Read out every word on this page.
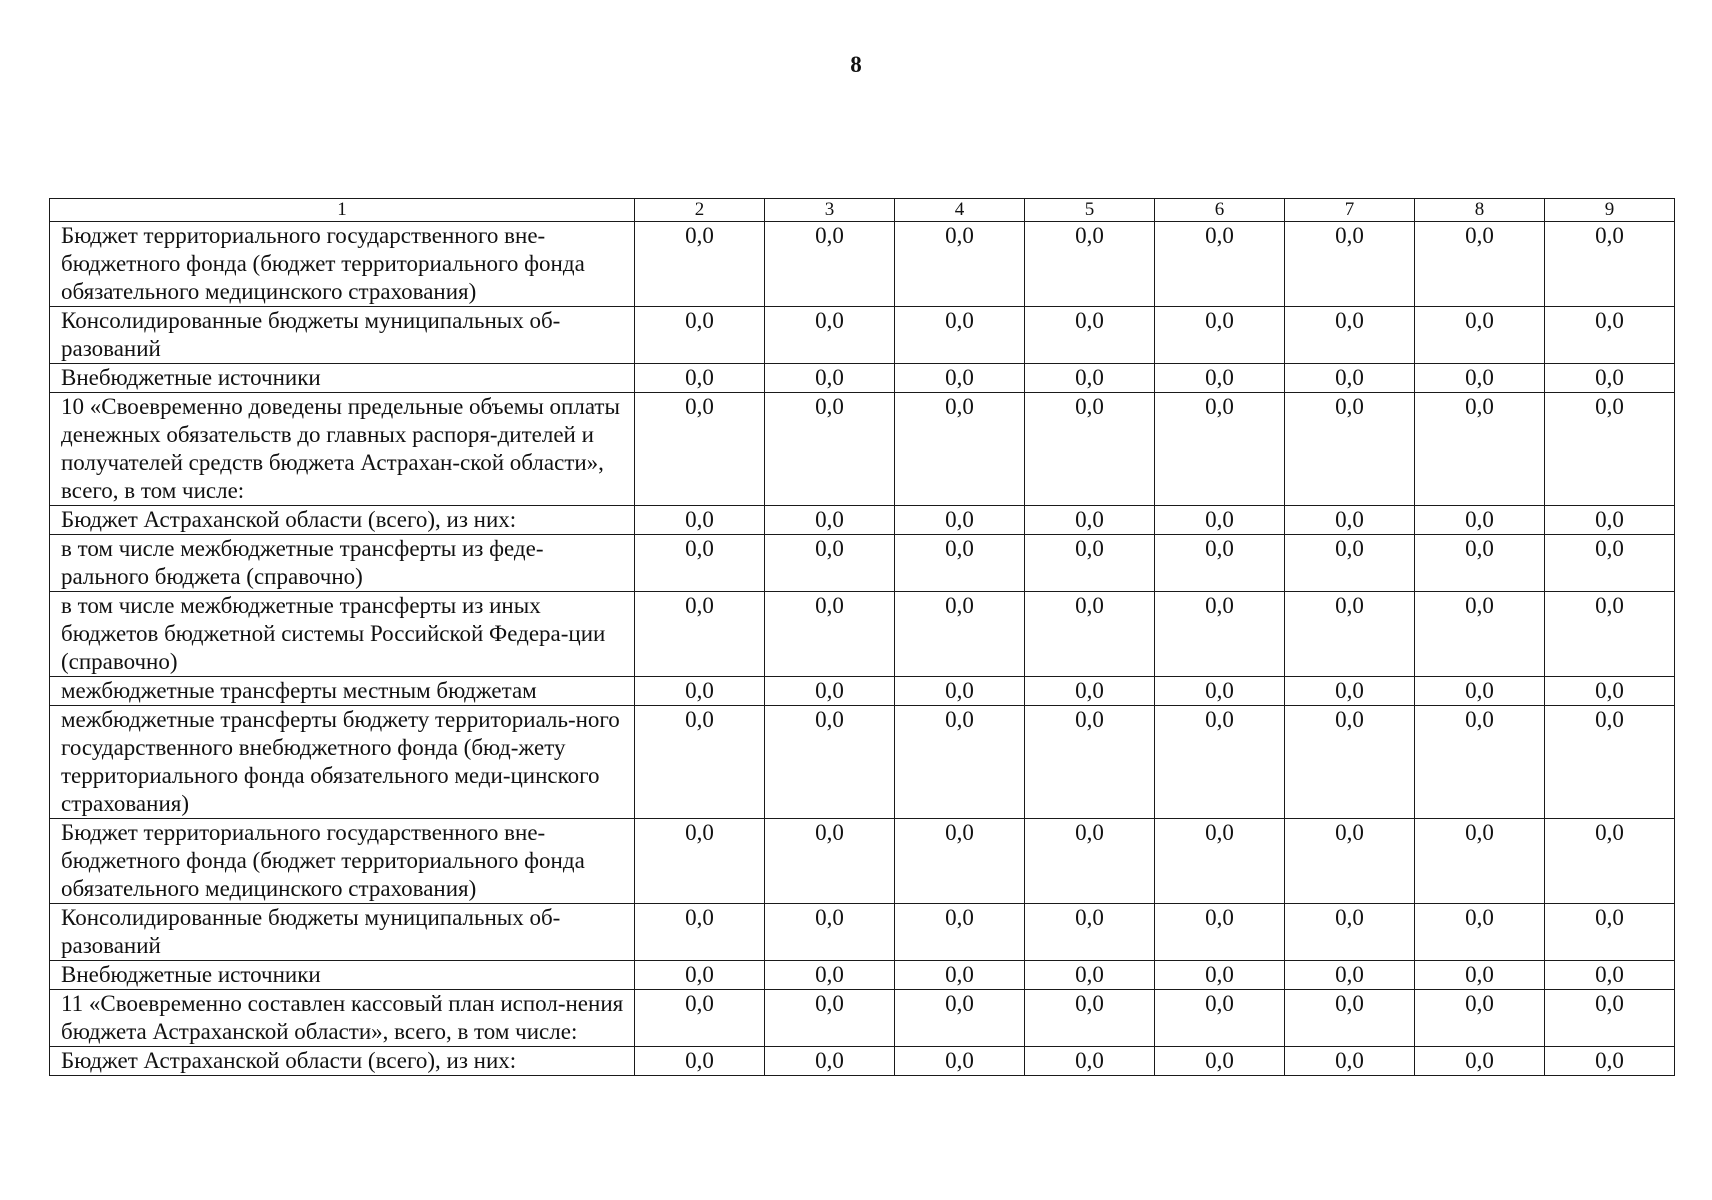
8
1	2	3	4	5	6	7	8	9
Бюджет территориального государственного вне-бюджетного фонда (бюджет территориального фонда обязательного медицинского страхования)	0,0	0,0	0,0	0,0	0,0	0,0	0,0	0,0
Консолидированные бюджеты муниципальных об-разований	0,0	0,0	0,0	0,0	0,0	0,0	0,0	0,0
Внебюджетные источники	0,0	0,0	0,0	0,0	0,0	0,0	0,0	0,0
10 «Своевременно доведены предельные объемы оплаты денежных обязательств до главных распоря-дителей и получателей средств бюджета Астрахан-ской области», всего, в том числе:	0,0	0,0	0,0	0,0	0,0	0,0	0,0	0,0
Бюджет Астраханской области (всего), из них:	0,0	0,0	0,0	0,0	0,0	0,0	0,0	0,0
в том числе межбюджетные трансферты из феде-рального бюджета (справочно)	0,0	0,0	0,0	0,0	0,0	0,0	0,0	0,0
в том числе межбюджетные трансферты из иных бюджетов бюджетной системы Российской Федера-ции (справочно)	0,0	0,0	0,0	0,0	0,0	0,0	0,0	0,0
межбюджетные трансферты местным бюджетам	0,0	0,0	0,0	0,0	0,0	0,0	0,0	0,0
межбюджетные трансферты бюджету территориаль-ного государственного внебюджетного фонда (бюд-жету территориального фонда обязательного меди-цинского страхования)	0,0	0,0	0,0	0,0	0,0	0,0	0,0	0,0
Бюджет территориального государственного вне-бюджетного фонда (бюджет территориального фонда обязательного медицинского страхования)	0,0	0,0	0,0	0,0	0,0	0,0	0,0	0,0
Консолидированные бюджеты муниципальных об-разований	0,0	0,0	0,0	0,0	0,0	0,0	0,0	0,0
Внебюджетные источники	0,0	0,0	0,0	0,0	0,0	0,0	0,0	0,0
11 «Своевременно составлен кассовый план испол-нения бюджета Астраханской области», всего, в том числе:	0,0	0,0	0,0	0,0	0,0	0,0	0,0	0,0
Бюджет Астраханской области (всего), из них:	0,0	0,0	0,0	0,0	0,0	0,0	0,0	0,0
